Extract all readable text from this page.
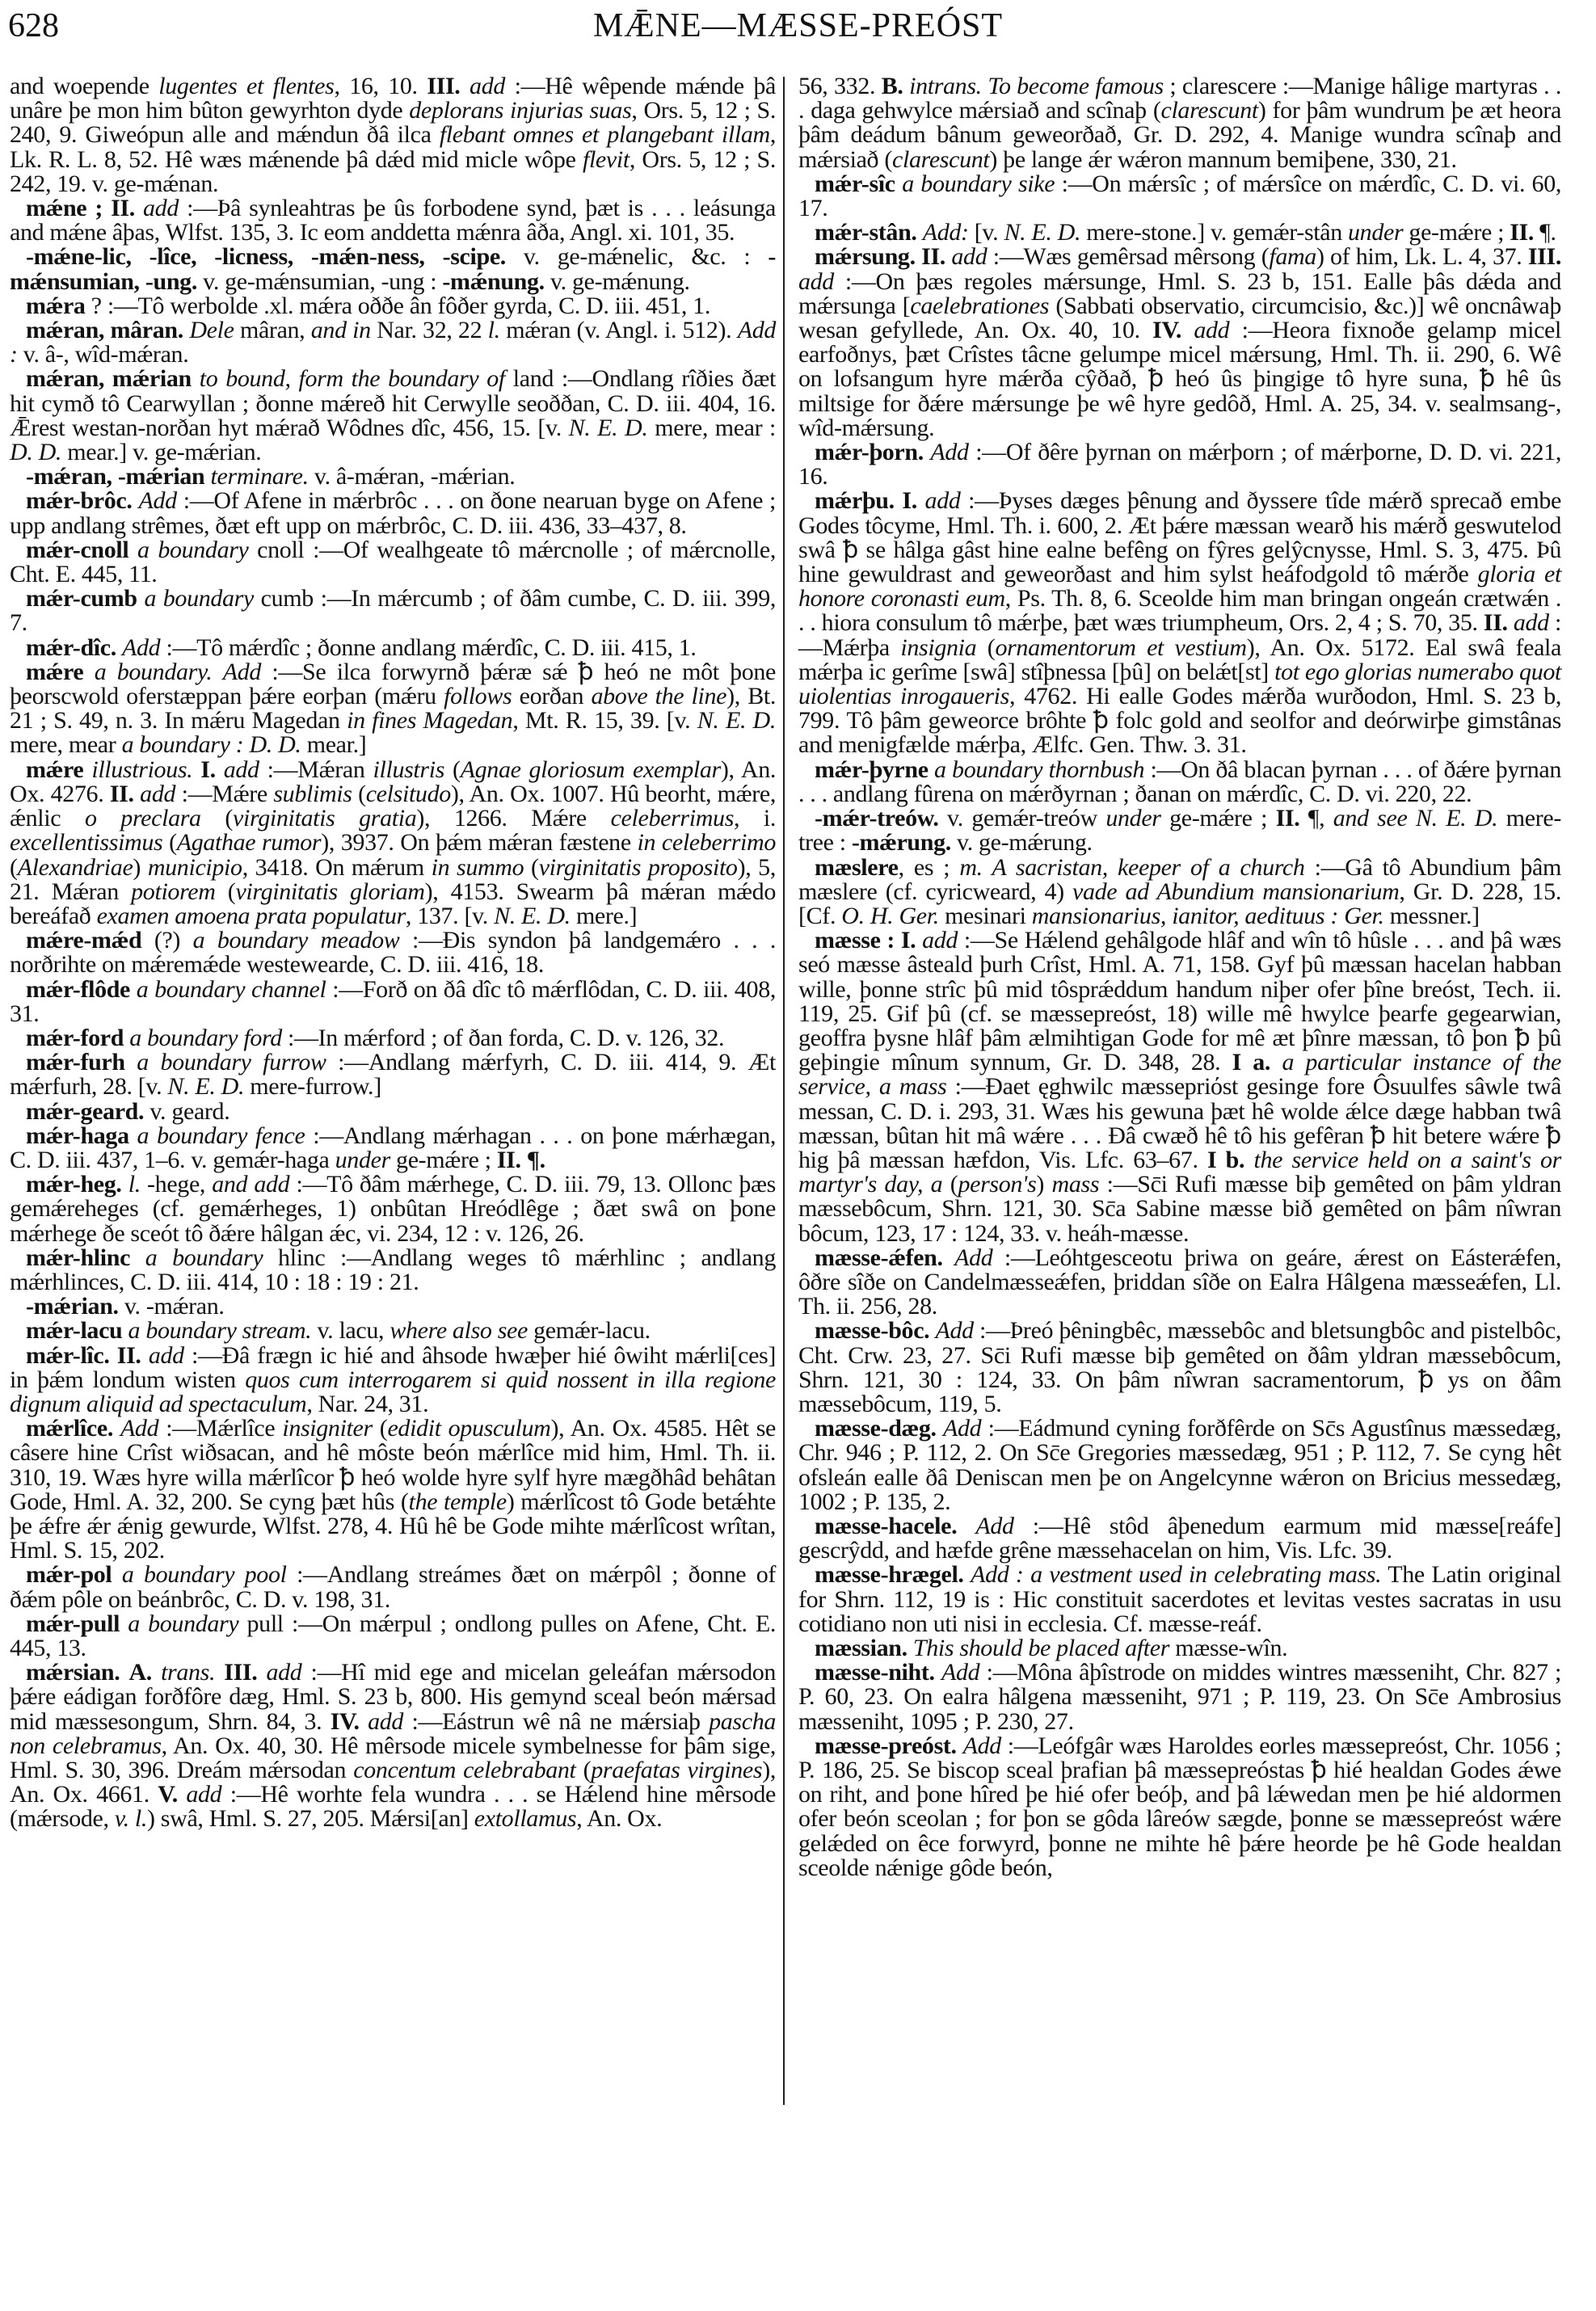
628	MǢNE—MÆSSE-PREÓST

and woepende lugentes et flentes, 16, 10. III. add :—Hê wêpende mǽnde þâ unâre þe mon him bûton gewyrhton dyde deplorans injurias suas, Ors. 5, 12 ; S. 240, 9. Giweópun alle and mǽndun ðâ ilca flebant omnes et plangebant illam, Lk. R. L. 8, 52. Hê wæs mǽnende þâ dǽd mid micle wôpe flevit, Ors. 5, 12 ; S. 242, 19. v. ge-mǽnan.

mǽne ; II. add :—Þâ synleahtras þe ûs forbodene synd, þæt is . . . leásunga and mǽne âþas, Wlfst. 135, 3. Ic eom anddetta mǽnra âða, Angl. xi. 101, 35.

-mǽne-lic, -lîce, -licness, -mǽn-ness, -scipe. v. ge-mǽnelic, &c. : -mǽnsumian, -ung. v. ge-mǽnsumian, -ung : -mǽnung. v. ge-mǽnung.

mǽra ? :—Tô werbolde .xl. mǽra oððe ân fôðer gyrda, C. D. iii. 451, 1.

mǽran, mâran. Dele mâran, and in Nar. 32, 22 l. mǽran (v. Angl. i. 512). Add : v. â-, wîd-mǽran.

mǽran, mǽrian to bound, form the boundary of land :—Ondlang rîðies ðæt hit cymð tô Cearwyllan ; ðonne mǽreð hit Cerwylle seoððan, C. D. iii. 404, 16. Ǣrest westan-norðan hyt mǽrað Wôdnes dîc, 456, 15. [v. N. E. D. mere, mear : D. D. mear.] v. ge-mǽrian.

-mǽran, -mǽrian terminare. v. â-mǽran, -mǽrian.

mǽr-brôc. Add :—Of Afene in mǽrbrôc . . . on ðone nearuan byge on Afene ; upp andlang strêmes, ðæt eft upp on mǽrbrôc, C. D. iii. 436, 33–437, 8.

mǽr-cnoll a boundary cnoll :—Of wealhgeate tô mǽrcnolle ; of mǽrcnolle, Cht. E. 445, 11.

mǽr-cumb a boundary cumb :—In mǽrcumb ; of ðâm cumbe, C. D. iii. 399, 7.

mǽr-dîc. Add :—Tô mǽrdîc ; ðonne andlang mǽrdîc, C. D. iii. 415, 1.

mǽre a boundary. Add :—Se ilca forwyrnð þǽræ sǽ ꝥ heó ne môt þone þeorscwold oferstæppan þǽre eorþan (mǽru follows eorðan above the line), Bt. 21 ; S. 49, n. 3. In mǽru Magedan in fines Magedan, Mt. R. 15, 39. [v. N. E. D. mere, mear a boundary : D. D. mear.]

mǽre illustrious. I. add :—Mǽran illustris (Agnae gloriosum exemplar), An. Ox. 4276. II. add :—Mǽre sublimis (celsitudo), An. Ox. 1007. Hû beorht, mǽre, ǽnlic o preclara (virginitatis gratia), 1266. Mǽre celeberrimus, i. excellentissimus (Agathae rumor), 3937. On þǽm mǽran fæstene in celeberrimo (Alexandriae) municipio, 3418. On mǽrum in summo (virginitatis proposito), 5, 21. Mǽran potiorem (virginitatis gloriam), 4153. Swearm þâ mǽran mǽdo bereáfað examen amoena prata populatur, 137. [v. N. E. D. mere.]

mǽre-mǽd (?) a boundary meadow :—Ðis syndon þâ landgemǽro . . . norðrihte on mǽremǽde westewearde, C. D. iii. 416, 18.

mǽr-flôde a boundary channel :—Forð on ðâ dîc tô mǽrflôdan, C. D. iii. 408, 31.

mǽr-ford a boundary ford :—In mǽrford ; of ðan forda, C. D. v. 126, 32.

mǽr-furh a boundary furrow :—Andlang mǽrfyrh, C. D. iii. 414, 9. Æt mǽrfurh, 28. [v. N. E. D. mere-furrow.]

mǽr-geard. v. geard.

mǽr-haga a boundary fence :—Andlang mǽrhagan . . . on þone mǽrhægan, C. D. iii. 437, 1–6. v. gemǽr-haga under ge-mǽre ; II. ¶.

mǽr-heg. l. -hege, and add :—Tô ðâm mǽrhege, C. D. iii. 79, 13. Ollonc þæs gemǽreheges (cf. gemǽrheges, 1) onbûtan Hreódlêge ; ðæt swâ on þone mǽrhege ðe sceót tô ðǽre hâlgan ǽc, vi. 234, 12 : v. 126, 26.

mǽr-hlinc a boundary hlinc :—Andlang weges tô mǽrhlinc ; andlang mǽrhlinces, C. D. iii. 414, 10 : 18 : 19 : 21.

-mǽrian. v. -mǽran.

mǽr-lacu a boundary stream. v. lacu, where also see gemǽr-lacu.

mǽr-lîc. II. add :—Ðâ frægn ic hié and âhsode hwæþer hié ôwiht mǽrli[ces] in þǽm londum wisten quos cum interrogarem si quid nossent in illa regione dignum aliquid ad spectaculum, Nar. 24, 31.

mǽrlîce. Add :—Mǽrlîce insigniter (edidit opusculum), An. Ox. 4585. Hêt se câsere hine Crîst wiðsacan, and hê môste beón mǽrlîce mid him, Hml. Th. ii. 310, 19. Wæs hyre willa mǽrlîcor ꝥ heó wolde hyre sylf hyre mægðhâd behâtan Gode, Hml. A. 32, 200. Se cyng þæt hûs (the temple) mǽrlîcost tô Gode betǽhte þe ǽfre ǽr ǽnig gewurde, Wlfst. 278, 4. Hû hê be Gode mihte mǽrlîcost wrîtan, Hml. S. 15, 202.

mǽr-pol a boundary pool :—Andlang streámes ðæt on mǽrpôl ; ðonne of ðǽm pôle on beánbrôc, C. D. v. 198, 31.

mǽr-pull a boundary pull :—On mǽrpul ; ondlong pulles on Afene, Cht. E. 445, 13.

mǽrsian. A. trans. III. add :—Hî mid ege and micelan geleáfan mǽrsodon þǽre eádigan forðfôre dæg, Hml. S. 23 b, 800. His gemynd sceal beón mǽrsad mid mæssesongum, Shrn. 84, 3. IV. add :—Eástrun wê nâ ne mǽrsiaþ pascha non celebramus, An. Ox. 40, 30. Hê mêrsode micele symbelnesse for þâm sige, Hml. S. 30, 396. Dreám mǽrsodan concentum celebrabant (praefatas virgines), An. Ox. 4661. V. add :—Hê worhte fela wundra . . . se Hǽlend hine mêrsode (mǽrsode, v. l.) swâ, Hml. S. 27, 205. Mǽrsi[an] extollamus, An. Ox.

56, 332. B. intrans. To become famous ; clarescere :—Manige hâlige martyras . . . daga gehwylce mǽrsiað and scînaþ (clarescunt) for þâm wundrum þe æt heora þâm deádum bânum geweorðað, Gr. D. 292, 4. Manige wundra scînaþ and mǽrsiað (clarescunt) þe lange ǽr wǽron mannum bemiþene, 330, 21.

mǽr-sîc a boundary sike :—On mǽrsîc ; of mǽrsîce on mǽrdîc, C. D. vi. 60, 17.

mǽr-stân. Add: [v. N. E. D. mere-stone.] v. gemǽr-stân under ge-mǽre ; II. ¶.

mǽrsung. II. add :—Wæs gemêrsad mêrsong (fama) of him, Lk. L. 4, 37. III. add :—On þæs regoles mǽrsunge, Hml. S. 23 b, 151. Ealle þâs dǽda and mǽrsunga [caelebrationes (Sabbati observatio, circumcisio, &c.)] wê oncnâwaþ wesan gefyllede, An. Ox. 40, 10. IV. add :—Heora fixnoðe gelamp micel earfoðnys, þæt Crîstes tâcne gelumpe micel mǽrsung, Hml. Th. ii. 290, 6. Wê on lofsangum hyre mǽrða cŷðað, ꝥ heó ûs þingige tô hyre suna, ꝥ hê ûs miltsige for ðǽre mǽrsunge þe wê hyre gedôð, Hml. A. 25, 34. v. sealmsang-, wîd-mǽrsung.

mǽr-þorn. Add :—Of ðêre þyrnan on mǽrþorn ; of mǽrþorne, D. D. vi. 221, 16.

mǽrþu. I. add :—Þyses dæges þênung and ðyssere tîde mǽrð sprecað embe Godes tôcyme, Hml. Th. i. 600, 2. Æt þǽre mæssan wearð his mǽrð geswutelod swâ ꝥ se hâlga gâst hine ealne befêng on fŷres gelŷcnysse, Hml. S. 3, 475. Þû hine gewuldrast and geweorðast and him sylst heáfodgold tô mǽrðe gloria et honore coronasti eum, Ps. Th. 8, 6. Sceolde him man bringan ongeán crætwǽn . . . hiora consulum tô mǽrþe, þæt wæs triumpheum, Ors. 2, 4 ; S. 70, 35. II. add :—Mǽrþa insignia (ornamentorum et vestium), An. Ox. 5172. Eal swâ feala mǽrþa ic gerîme [swâ] stîþnessa [þû] on belǽt[st] tot ego glorias numerabo quot uiolentias inrogaueris, 4762. Hi ealle Godes mǽrða wurðodon, Hml. S. 23 b, 799. Tô þâm geweorce brôhte ꝥ folc gold and seolfor and deórwirþe gimstânas and menigfælde mǽrþa, Ælfc. Gen. Thw. 3. 31.

mǽr-þyrne a boundary thornbush :—On ðâ blacan þyrnan . . . of ðǽre þyrnan . . . andlang fûrena on mǽrðyrnan ; ðanan on mǽrdîc, C. D. vi. 220, 22.

-mǽr-treów. v. gemǽr-treów under ge-mǽre ; II. ¶, and see N. E. D. mere-tree : -mǽrung. v. ge-mǽrung.

mæslere, es ; m. A sacristan, keeper of a church :—Gâ tô Abundium þâm mæslere (cf. cyricweard, 4) vade ad Abundium mansionarium, Gr. D. 228, 15. [Cf. O. H. Ger. mesinari mansionarius, ianitor, aedituus : Ger. messner.]

mæsse : I. add :—Se Hǽlend gehâlgode hlâf and wîn tô hûsle . . . and þâ wæs seó mæsse âsteald þurh Crîst, Hml. A. 71, 158. Gyf þû mæssan hacelan habban wille, þonne strîc þû mid tôsprǽddum handum niþer ofer þîne breóst, Tech. ii. 119, 25. Gif þû (cf. se mæssepreóst, 18) wille mê hwylce þearfe gegearwian, geoffra þysne hlâf þâm ælmihtigan Gode for mê æt þînre mæssan, tô þon ꝥ þû geþingie mînum synnum, Gr. D. 348, 28. I a. a particular instance of the service, a mass :—Ðaet ęghwilc mæssepriόst gesinge fore Ôsuulfes sâwle twâ messan, C. D. i. 293, 31. Wæs his gewuna þæt hê wolde ǽlce dæge habban twâ mæssan, bûtan hit mâ wǽre . . . Ðâ cwæð hê tô his gefêran ꝥ hit betere wǽre ꝥ hig þâ mæssan hæfdon, Vis. Lfc. 63–67. I b. the service held on a saint's or martyr's day, a (person's) mass :—Sc̄i Rufi mæsse biþ gemêted on þâm yldran mæssebôcum, Shrn. 121, 30. Sc̄a Sabine mæsse bið gemêted on þâm nîwran bôcum, 123, 17 : 124, 33. v. heáh-mæsse.

mæsse-ǽfen. Add :—Leóhtgesceotu þriwa on geáre, ǽrest on Eásterǽfen, ôðre sîðe on Candelmæsseǽfen, þriddan sîðe on Ealra Hâlgena mæsseǽfen, Ll. Th. ii. 256, 28.

mæsse-bôc. Add :—Þreó þêningbêc, mæssebôc and bletsungbôc and pistelbôc, Cht. Crw. 23, 27. Sc̄i Rufi mæsse biþ gemêted on ðâm yldran mæssebôcum, Shrn. 121, 30 : 124, 33. On þâm nîwran sacramentorum, ꝥ ys on ðâm mæssebôcum, 119, 5.

mæsse-dæg. Add :—Eádmund cyning forðfêrde on Sc̄s Agustînus mæssedæg, Chr. 946 ; P. 112, 2. On Sc̄e Gregories mæssedæg, 951 ; P. 112, 7. Se cyng hêt ofsleán ealle ðâ Deniscan men þe on Angelcynne wǽron on Bricius messedæg, 1002 ; P. 135, 2.

mæsse-hacele. Add :—Hê stôd âþenedum earmum mid mæsse[reáfe] gescrŷdd, and hæfde grêne mæssehacelan on him, Vis. Lfc. 39.

mæsse-hrægel. Add : a vestment used in celebrating mass. The Latin original for Shrn. 112, 19 is : Hic constituit sacerdotes et levitas vestes sacratas in usu cotidiano non uti nisi in ecclesia. Cf. mæsse-reáf.

mæssian. This should be placed after mæsse-wîn.

mæsse-niht. Add :—Môna âþîstrode on middes wintres mæsseniht, Chr. 827 ; P. 60, 23. On ealra hâlgena mæsseniht, 971 ; P. 119, 23. On Sc̄e Ambrosius mæsseniht, 1095 ; P. 230, 27.

mæsse-preóst. Add :—Leófgâr wæs Haroldes eorles mæssepreóst, Chr. 1056 ; P. 186, 25. Se biscop sceal þrafian þâ mæssepreóstas ꝥ hié healdan Godes ǽwe on riht, and þone hîred þe hié ofer beóþ, and þâ lǽwedan men þe hié aldormen ofer beón sceolan ; for þon se gôda lâreów sægde, þonne se mæssepreóst wǽre gelǽded on êce forwyrd, þonne ne mihte hê þǽre heorde þe hê Gode healdan sceolde nǽnige gôde beón,
